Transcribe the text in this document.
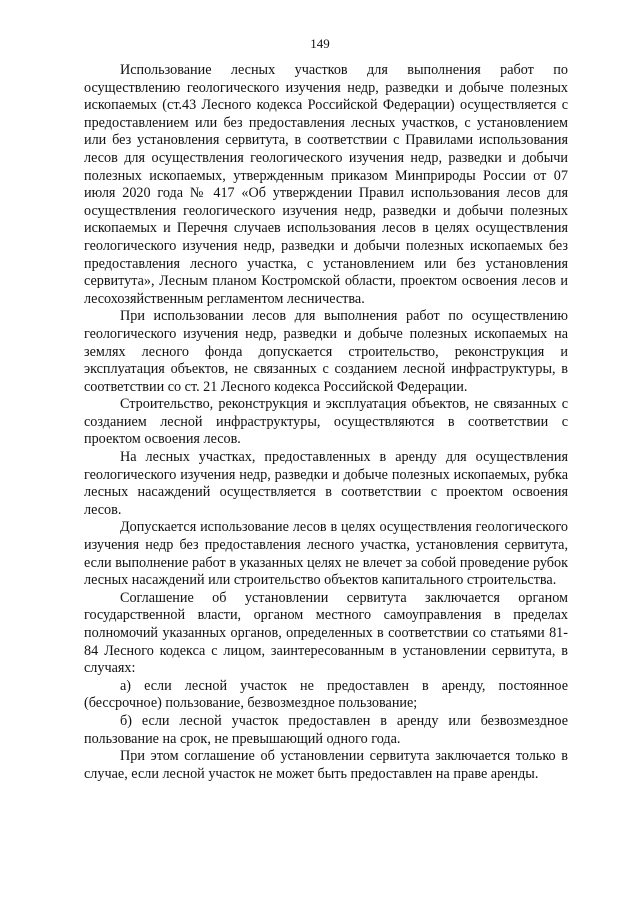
149

Использование лесных участков для выполнения работ по осуществлению геологического изучения недр, разведки и добыче полезных ископаемых (ст.43 Лесного кодекса Российской Федерации) осуществляется с предоставлением или без предоставления лесных участков, с установлением или без установления сервитута, в соответствии с Правилами использования лесов для осуществления геологического изучения недр, разведки и добычи полезных ископаемых, утвержденным приказом Минприроды России от 07 июля 2020 года № 417 «Об утверждении Правил использования лесов для осуществления геологического изучения недр, разведки и добычи полезных ископаемых и Перечня случаев использования лесов в целях осуществления геологического изучения недр, разведки и добычи полезных ископаемых без предоставления лесного участка, с установлением или без установления сервитута», Лесным планом Костромской области, проектом освоения лесов и лесохозяйственным регламентом лесничества.

При использовании лесов для выполнения работ по осуществлению геологического изучения недр, разведки и добыче полезных ископаемых на землях лесного фонда допускается строительство, реконструкция и эксплуатация объектов, не связанных с созданием лесной инфраструктуры, в соответствии со ст. 21 Лесного кодекса Российской Федерации.

Строительство, реконструкция и эксплуатация объектов, не связанных с созданием лесной инфраструктуры, осуществляются в соответствии с проектом освоения лесов.

На лесных участках, предоставленных в аренду для осуществления геологического изучения недр, разведки и добыче полезных ископаемых, рубка лесных насаждений осуществляется в соответствии с проектом освоения лесов.

Допускается использование лесов в целях осуществления геологического изучения недр без предоставления лесного участка, установления сервитута, если выполнение работ в указанных целях не влечет за собой проведение рубок лесных насаждений или строительство объектов капитального строительства.

Соглашение об установлении сервитута заключается органом государственной власти, органом местного самоуправления в пределах полномочий указанных органов, определенных в соответствии со статьями 81-84 Лесного кодекса с лицом, заинтересованным в установлении сервитута, в случаях:

а) если лесной участок не предоставлен в аренду, постоянное (бессрочное) пользование, безвозмездное пользование;

б) если лесной участок предоставлен в аренду или безвозмездное пользование на срок, не превышающий одного года.

При этом соглашение об установлении сервитута заключается только в случае, если лесной участок не может быть предоставлен на праве аренды.
